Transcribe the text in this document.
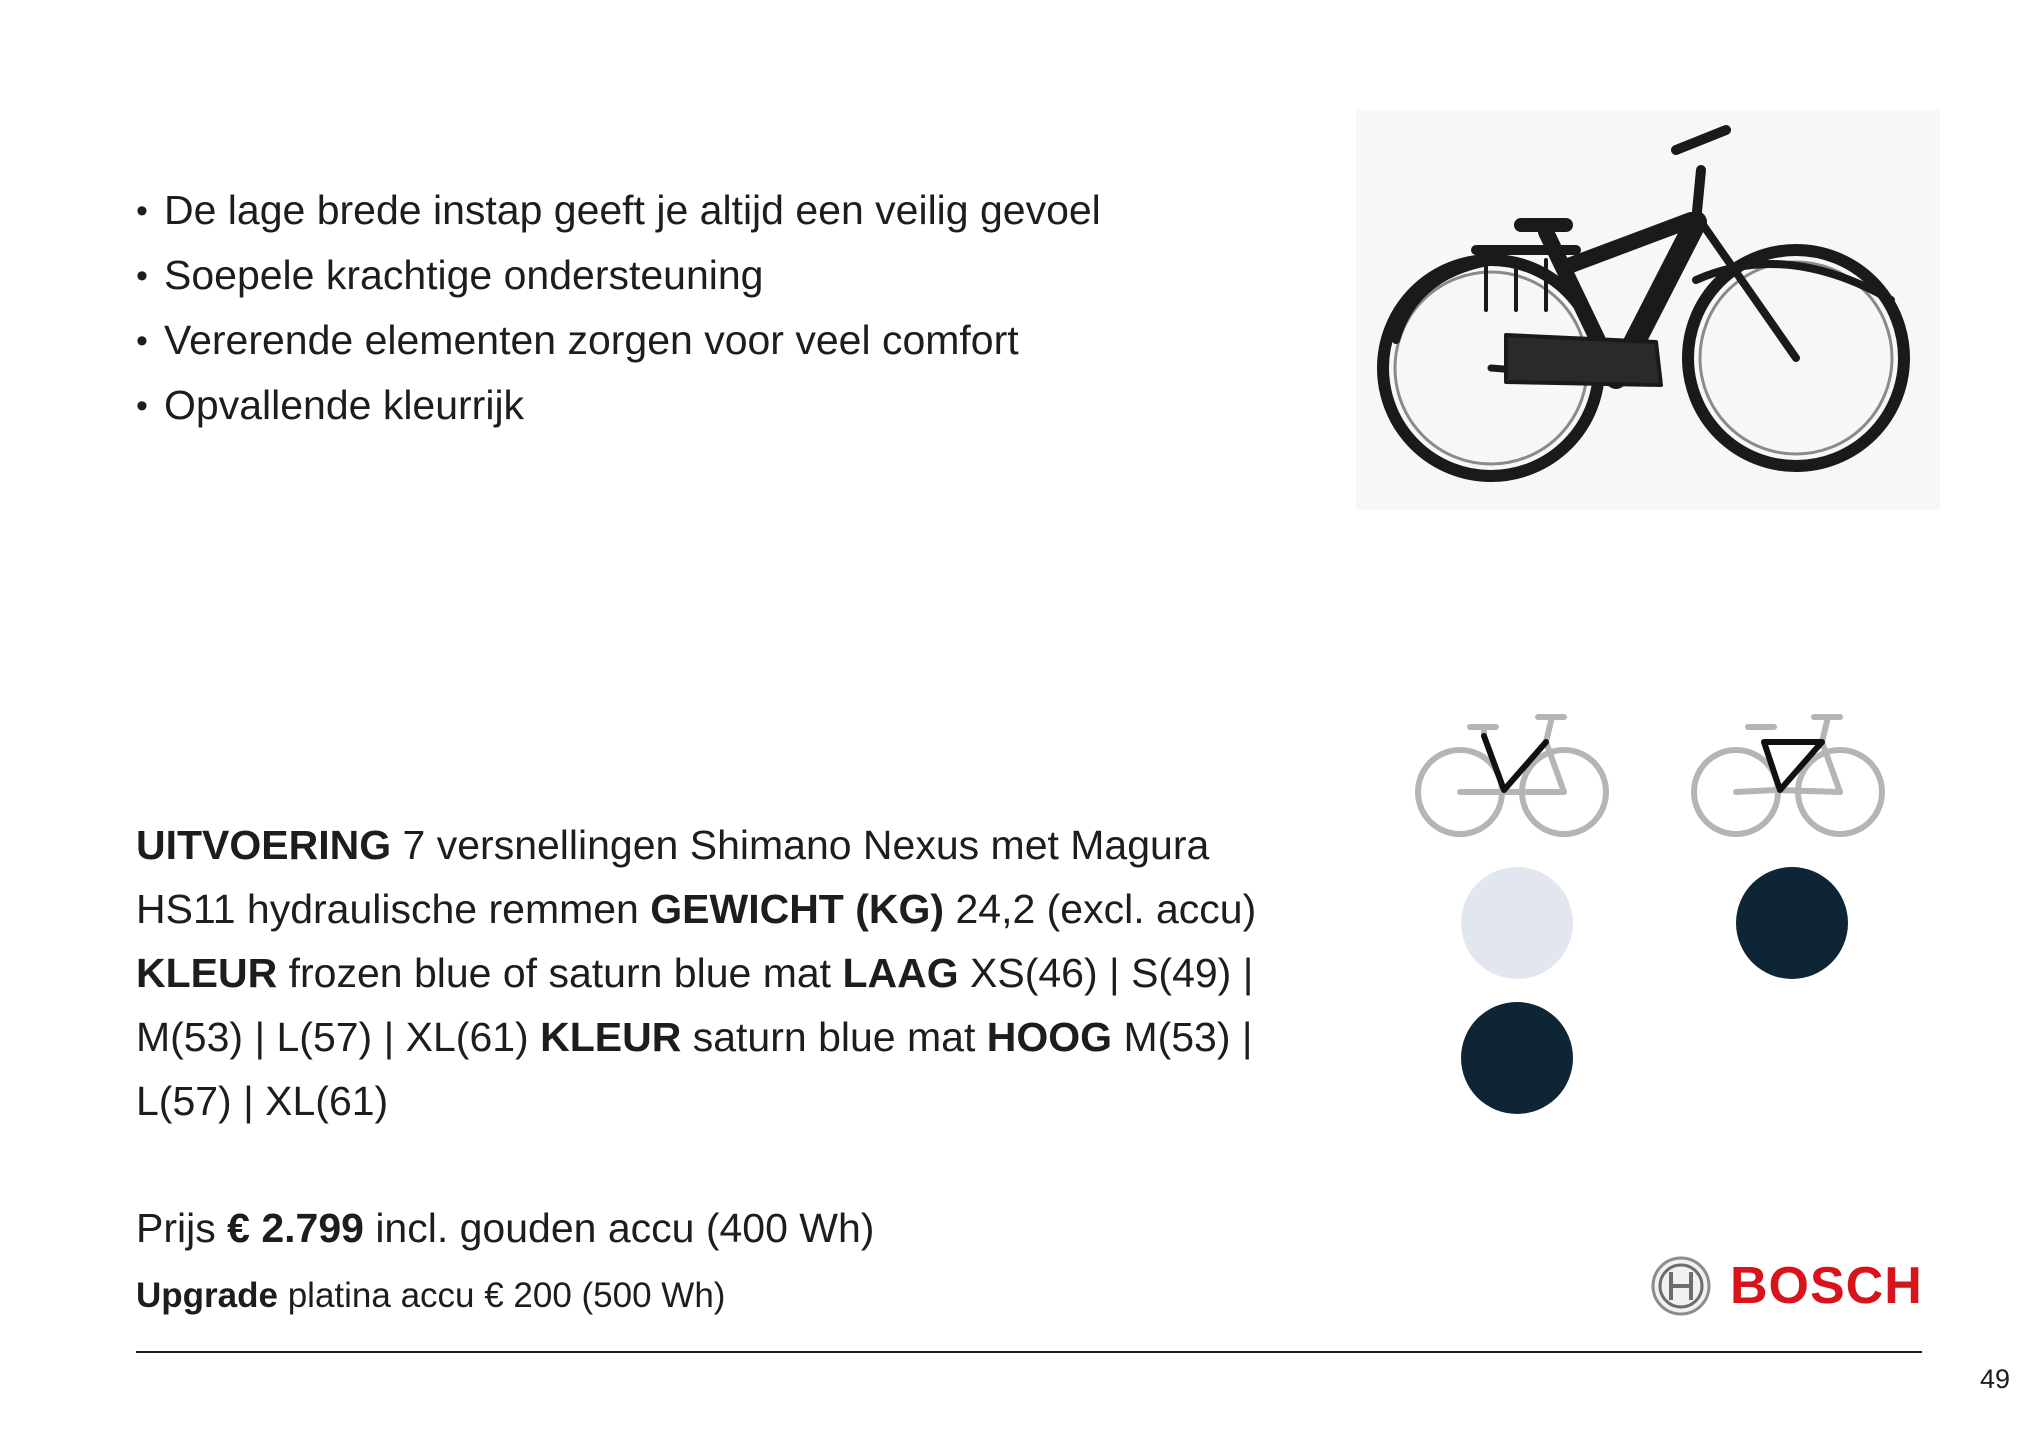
• De lage brede instap geeft je altijd een veilig gevoel
• Soepele krachtige ondersteuning
• Vererende elementen zorgen voor veel comfort
• Opvallende kleurrijk
UITVOERING 7 versnellingen Shimano Nexus met Magura HS11 hydraulische remmen GEWICHT (KG) 24,2 (excl. accu) KLEUR frozen blue of saturn blue mat LAAG XS(46) | S(49) | M(53) | L(57) | XL(61) KLEUR saturn blue mat HOOG M(53) | L(57) | XL(61)
Prijs € 2.799 incl. gouden accu (400 Wh)
Upgrade platina accu € 200 (500 Wh)	BOSCH
49
